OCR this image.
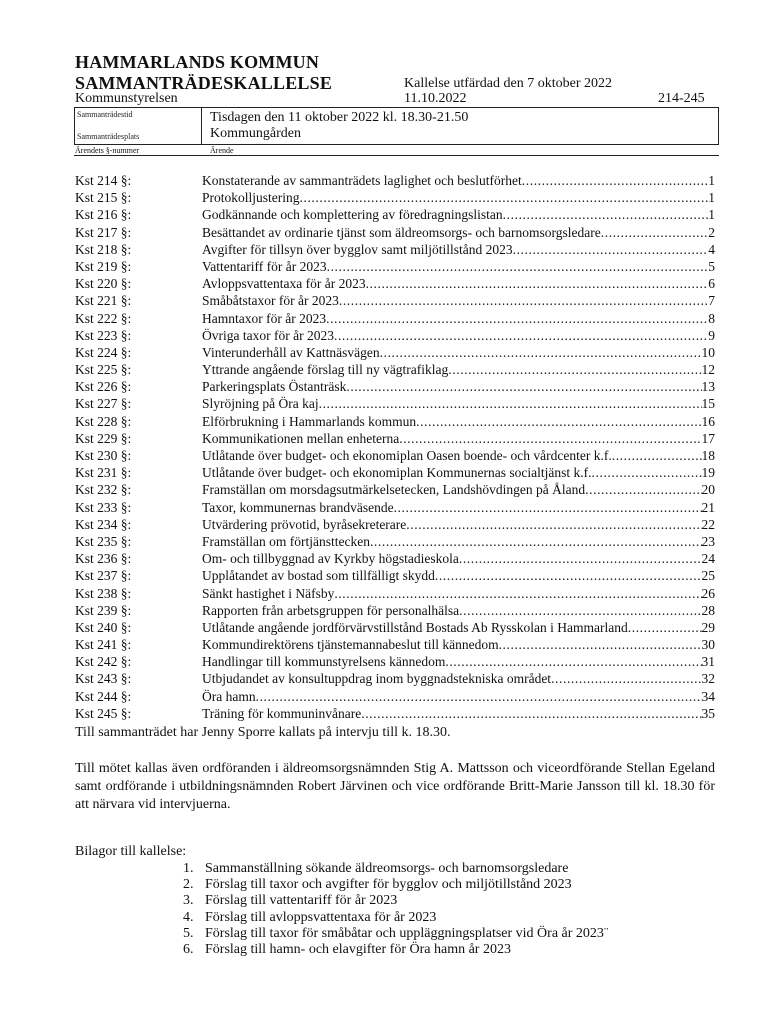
HAMMARLANDS KOMMUN
SAMMANTRÄDESKALLELSE	Kallelse utfärdad den 7 oktober 2022
Kommunstyrelsen	11.10.2022	214-245
Sammanträdestid
Sammanträdesplats
Tisdagen den 11 oktober 2022 kl. 18.30-21.50
Kommungården
Ärendets §-nummer	Ärende
Kst 214 §:	Konstaterande av sammanträdets laglighet och beslutförhet .....	1
Kst 215 §:	Protokolljustering .....	1
Kst 216 §:	Godkännande och komplettering av föredragningslistan .....	1
Kst 217 §:	Besättandet av ordinarie tjänst som äldreomsorgs- och barnomsorgsledare .....	2
Kst 218 §:	Avgifter för tillsyn över bygglov samt miljötillstånd 2023 .....	4
Kst 219 §:	Vattentariff för år 2023 .....	5
Kst 220 §:	Avloppsvattentaxa för år 2023 .....	6
Kst 221 §:	Småbåtstaxor för år 2023 .....	7
Kst 222 §:	Hamntaxor för år 2023 .....	8
Kst 223 §:	Övriga taxor för år 2023 .....	9
Kst 224 §:	Vinterunderhåll av Kattnäsvägen .....	10
Kst 225 §:	Yttrande angående förslag till ny vägtrafiklag .....	12
Kst 226 §:	Parkeringsplats Östanträsk .....	13
Kst 227 §:	Slyröjning på Öra kaj .....	15
Kst 228 §:	Elförbrukning i Hammarlands kommun .....	16
Kst 229 §:	Kommunikationen mellan enheterna .....	17
Kst 230 §:	Utlåtande över budget- och ekonomiplan Oasen boende- och vårdcenter k.f. .....	18
Kst 231 §:	Utlåtande över budget- och ekonomiplan Kommunernas socialtjänst k.f. .....	19
Kst 232 §:	Framställan om morsdagsutmärkelsetecken, Landshövdingen på Åland .....	20
Kst 233 §:	Taxor, kommunernas brandväsende .....	21
Kst 234 §:	Utvärdering prövotid, byråsekreterare .....	22
Kst 235 §:	Framställan om förtjänsttecken .....	23
Kst 236 §:	Om- och tillbyggnad av Kyrkby högstadieskola .....	24
Kst 237 §:	Upplåtandet av bostad som tillfälligt skydd .....	25
Kst 238 §:	Sänkt hastighet i Näfsby .....	26
Kst 239 §:	Rapporten från arbetsgruppen för personalhälsa .....	28
Kst 240 §:	Utlåtande angående jordförvärvstillstånd Bostads Ab Rysskolan i Hammarland .....	29
Kst 241 §:	Kommundirektörens tjänstemannabeslut till kännedom .....	30
Kst 242 §:	Handlingar till kommunstyrelsens kännedom .....	31
Kst 243 §:	Utbjudandet av konsultuppdrag inom byggnadstekniska området .....	32
Kst 244 §:	Öra hamn .....	34
Kst 245 §:	Träning för kommuninvånare .....	35
Till sammanträdet har Jenny Sporre kallats på intervju till k. 18.30.
Till mötet kallas även ordföranden i äldreomsorgsnämnden Stig A. Mattsson och viceordförande Stellan Egeland samt ordförande i utbildningsnämnden Robert Järvinen och vice ordförande Britt-Marie Jansson till kl. 18.30 för att närvara vid intervjuerna.
Bilagor till kallelse:
1. Sammanställning sökande äldreomsorgs- och barnomsorgsledare
2. Förslag till taxor och avgifter för bygglov och miljötillstånd 2023
3. Förslag till vattentariff för år 2023
4. Förslag till avloppsvattentaxa för år 2023
5. Förslag till taxor för småbåtar och uppläggningsplatser vid Öra år 2023¨
6. Förslag till hamn- och elavgifter för Öra hamn år 2023
